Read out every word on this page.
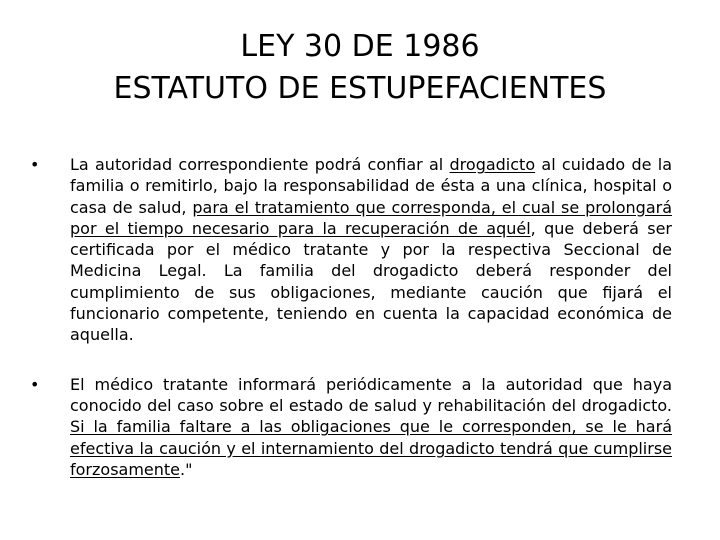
LEY 30 DE 1986
ESTATUTO DE ESTUPEFACIENTES
•	La autoridad correspondiente podrá confiar al drogadicto al cuidado de la familia o remitirlo, bajo la responsabilidad de ésta a una clínica, hospital o casa de salud, para el tratamiento que corresponda, el cual se prolongará por el tiempo necesario para la recuperación de aquél, que deberá ser certificada por el médico tratante y por la respectiva Seccional de Medicina Legal. La familia del drogadicto deberá responder del cumplimiento de sus obligaciones, mediante caución que fijará el funcionario competente, teniendo en cuenta la capacidad económica de aquella.
•	El médico tratante informará periódicamente a la autoridad que haya conocido del caso sobre el estado de salud y rehabilitación del drogadicto. Si la familia faltare a las obligaciones que le corresponden, se le hará efectiva la caución y el internamiento del drogadicto tendrá que cumplirse forzosamente."
